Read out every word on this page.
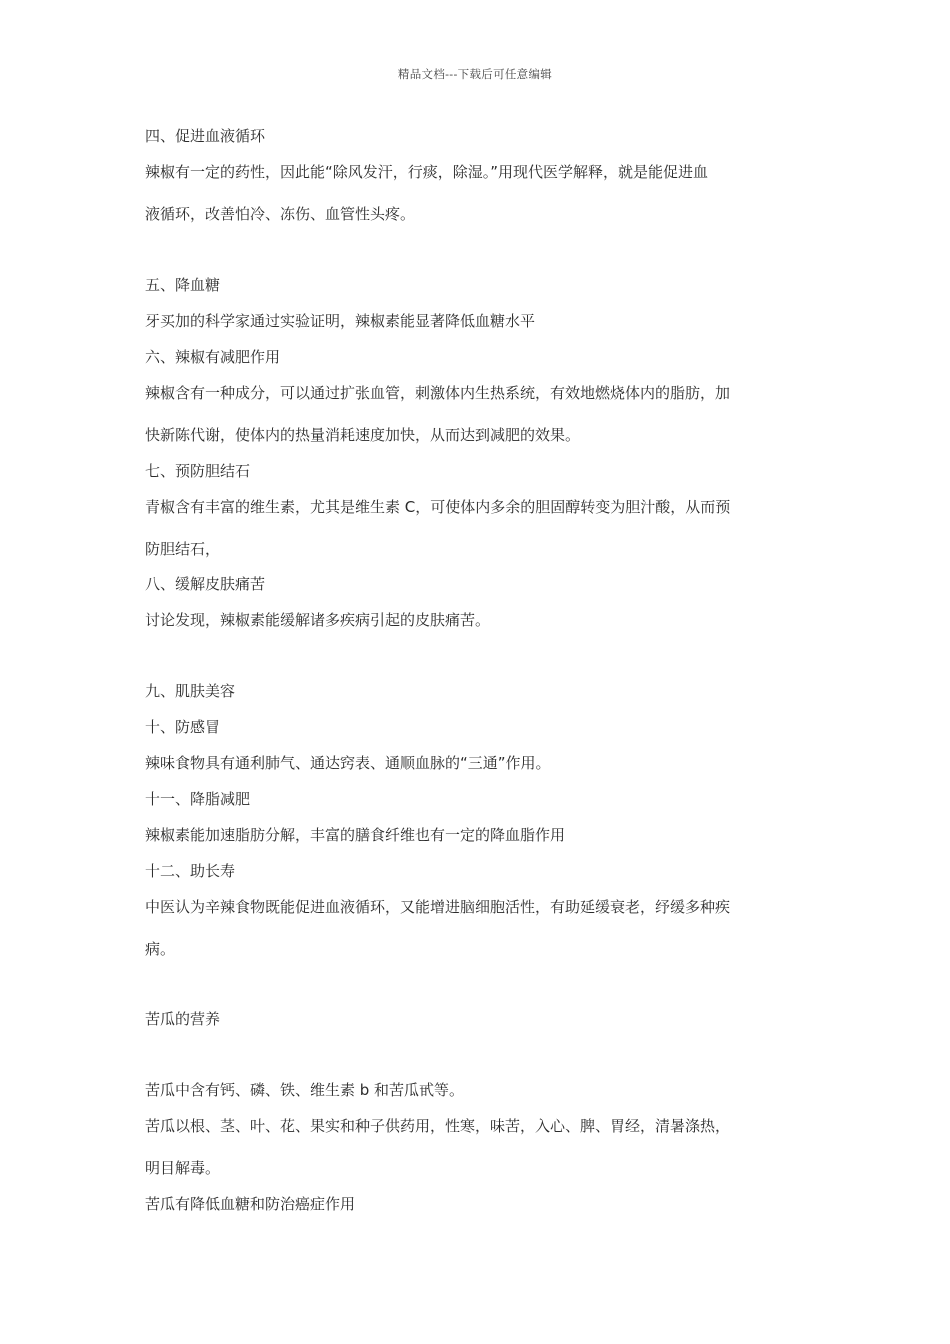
精品文档---下载后可任意编辑
四、促进血液循环
辣椒有一定的药性，因此能“除风发汗，行痰，除湿。”用现代医学解释，就是能促进血
液循环，改善怕冷、冻伤、血管性头疼。
五、降血糖
牙买加的科学家通过实验证明，辣椒素能显著降低血糖水平
六、辣椒有减肥作用
辣椒含有一种成分，可以通过扩张血管，刺激体内生热系统，有效地燃烧体内的脂肪，加
快新陈代谢，使体内的热量消耗速度加快，从而达到减肥的效果。
七、预防胆结石
青椒含有丰富的维生素，尤其是维生素 C，可使体内多余的胆固醇转变为胆汁酸，从而预
防胆结石，
八、缓解皮肤痛苦
讨论发现，辣椒素能缓解诸多疾病引起的皮肤痛苦。
九、肌肤美容
十、防感冒
辣味食物具有通利肺气、通达窍表、通顺血脉的“三通”作用。
十一、降脂减肥
辣椒素能加速脂肪分解，丰富的膳食纤维也有一定的降血脂作用
十二、助长寿
中医认为辛辣食物既能促进血液循环，又能增进脑细胞活性，有助延缓衰老，纾缓多种疾
病。
苦瓜的营养
苦瓜中含有钙、磷、铁、维生素 b 和苦瓜甙等。
苦瓜以根、茎、叶、花、果实和种子供药用，性寒，味苦，入心、脾、胃经，清暑涤热，
明目解毒。
苦瓜有降低血糖和防治癌症作用
